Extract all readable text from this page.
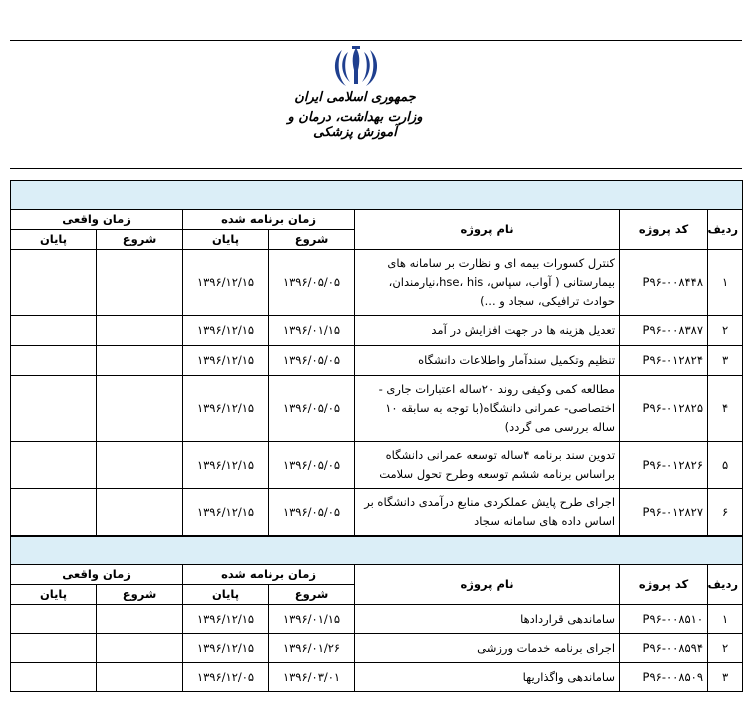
جمهوری اسلامی ایران
وزارت بهداشت، درمان و آموزش پزشکی

ردیف	کد پروژه	نام پروژه	زمان برنامه شده		زمان واقعی	
			شروع	پایان	شروع	پایان
۱	P۹۶-۰۰۸۴۴۸	کنترل کسورات بیمه ای و نظارت بر سامانه های بیمارستانی ( آواب، سپاس، hse، his،نیارمندان، حوادث ترافیکی، سجاد و ...)	۱۳۹۶/۰۵/۰۵	۱۳۹۶/۱۲/۱۵		
۲	P۹۶-۰۰۸۳۸۷	تعدیل هزینه ها در جهت افزایش در آمد	۱۳۹۶/۰۱/۱۵	۱۳۹۶/۱۲/۱۵		
۳	P۹۶-۰۱۲۸۲۴	تنظیم وتکمیل سندآمار واطلاعات دانشگاه	۱۳۹۶/۰۵/۰۵	۱۳۹۶/۱۲/۱۵		
۴	P۹۶-۰۱۲۸۲۵	مطالعه کمی وکیفی روند ۲۰ساله اعتبارات جاری - اختصاصی- عمرانی دانشگاه(با توجه به سابقه ۱۰ ساله بررسی می گردد)	۱۳۹۶/۰۵/۰۵	۱۳۹۶/۱۲/۱۵		
۵	P۹۶-۰۱۲۸۲۶	تدوین سند برنامه ۴ساله توسعه عمرانی دانشگاه براساس برنامه ششم توسعه وطرح تحول سلامت	۱۳۹۶/۰۵/۰۵	۱۳۹۶/۱۲/۱۵		
۶	P۹۶-۰۱۲۸۲۷	اجرای طرح پایش عملکردی منابع درآمدی دانشگاه بر اساس داده های سامانه سجاد	۱۳۹۶/۰۵/۰۵	۱۳۹۶/۱۲/۱۵		

ردیف	کد پروژه	نام پروژه	زمان برنامه شده		زمان واقعی	
			شروع	پایان	شروع	پایان
۱	P۹۶-۰۰۸۵۱۰	ساماندهی قراردادها	۱۳۹۶/۰۱/۱۵	۱۳۹۶/۱۲/۱۵		
۲	P۹۶-۰۰۸۵۹۴	اجرای برنامه خدمات ورزشی	۱۳۹۶/۰۱/۲۶	۱۳۹۶/۱۲/۱۵		
۳	P۹۶-۰۰۸۵۰۹	ساماندهی واگذاریها	۱۳۹۶/۰۳/۰۱	۱۳۹۶/۱۲/۰۵		
